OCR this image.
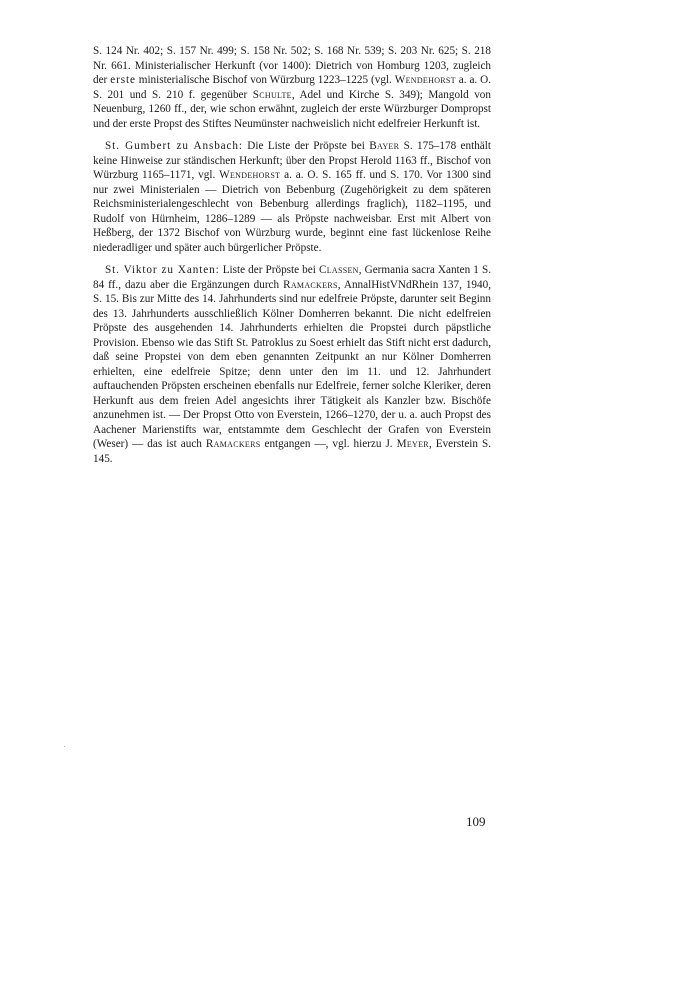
S. 124 Nr. 402; S. 157 Nr. 499; S. 158 Nr. 502; S. 168 Nr. 539; S. 203 Nr. 625; S. 218 Nr. 661. Ministerialischer Herkunft (vor 1400): Dietrich von Homburg 1203, zugleich der erste ministerialische Bischof von Würzburg 1223–1225 (vgl. Wendehorst a. a. O. S. 201 und S. 210 f. gegenüber Schulte, Adel und Kirche S. 349); Mangold von Neuenburg, 1260 ff., der, wie schon erwähnt, zugleich der erste Würzburger Dompropst und der erste Propst des Stiftes Neumünster nachweislich nicht edelfreier Herkunft ist.

St. Gumbert zu Ansbach: Die Liste der Pröpste bei Bayer S. 175–178 enthält keine Hinweise zur ständischen Herkunft; über den Propst Herold 1163 ff., Bischof von Würzburg 1165–1171, vgl. Wendehorst a. a. O. S. 165 ff. und S. 170. Vor 1300 sind nur zwei Ministerialen — Dietrich von Bebenburg (Zugehörigkeit zu dem späteren Reichsministerialengeschlecht von Bebenburg allerdings fraglich), 1182–1195, und Rudolf von Hürnheim, 1286–1289 — als Pröpste nachweisbar. Erst mit Albert von Heßberg, der 1372 Bischof von Würzburg wurde, beginnt eine fast lückenlose Reihe niederadliger und später auch bürgerlicher Pröpste.

St. Viktor zu Xanten: Liste der Pröpste bei Classen, Germania sacra Xanten 1 S. 84 ff., dazu aber die Ergänzungen durch Ramackers, AnnalHistVNdRhein 137, 1940, S. 15. Bis zur Mitte des 14. Jahrhunderts sind nur edelfreie Pröpste, darunter seit Beginn des 13. Jahrhunderts ausschließlich Kölner Domherren bekannt. Die nicht edelfreien Pröpste des ausgehenden 14. Jahrhunderts erhielten die Propstei durch päpstliche Provision. Ebenso wie das Stift St. Patroklus zu Soest erhielt das Stift nicht erst dadurch, daß seine Propstei von dem eben genannten Zeitpunkt an nur Kölner Domherren erhielten, eine edelfreie Spitze; denn unter den im 11. und 12. Jahrhundert auftauchenden Pröpsten erscheinen ebenfalls nur Edelfreie, ferner solche Kleriker, deren Herkunft aus dem freien Adel angesichts ihrer Tätigkeit als Kanzler bzw. Bischöfe anzunehmen ist. — Der Propst Otto von Everstein, 1266–1270, der u. a. auch Propst des Aachener Marienstifts war, entstammte dem Geschlecht der Grafen von Everstein (Weser) — das ist auch Ramackers entgangen —, vgl. hierzu J. Meyer, Everstein S. 145.

109
